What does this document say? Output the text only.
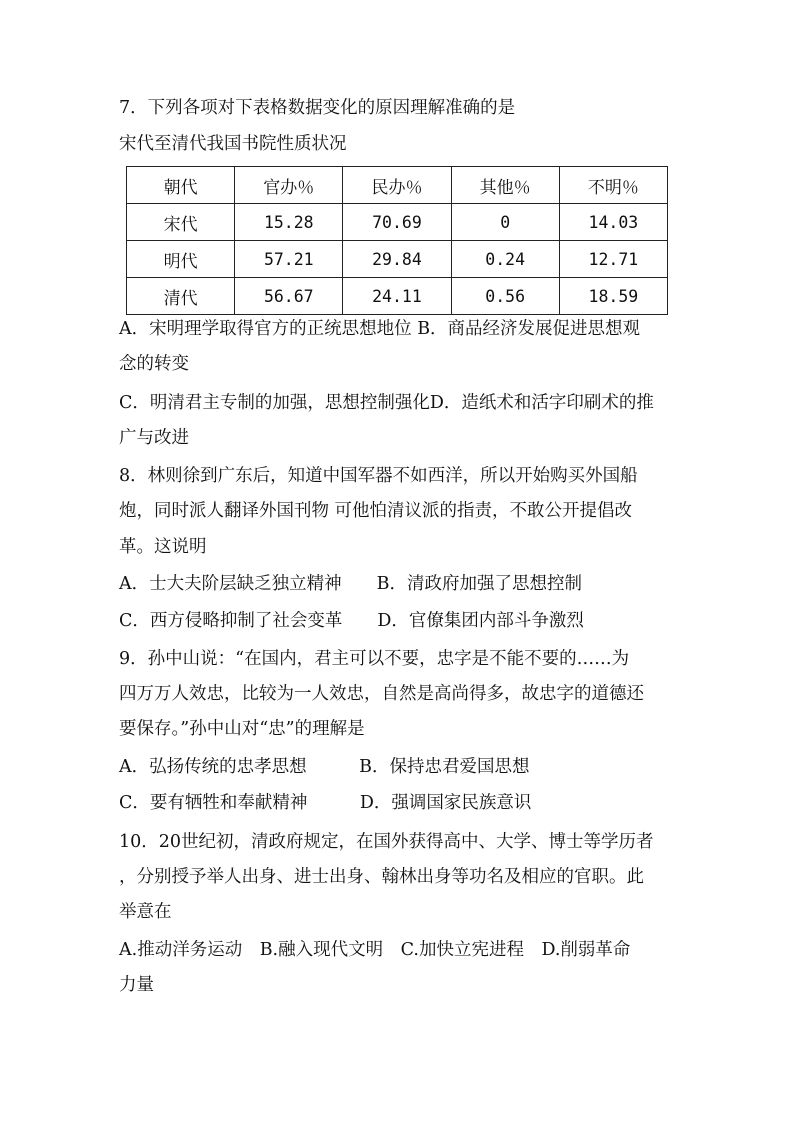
7．下列各项对下表格数据变化的原因理解准确的是
宋代至清代我国书院性质状况
朝代	官办％	民办％	其他％	不明％
宋代	15.28	70.69	0	14.03
明代	57.21	29.84	0.24	12.71
清代	56.67	24.11	0.56	18.59
A．宋明理学取得官方的正统思想地位 B．商品经济发展促进思想观
念的转变
C．明清君主专制的加强，思想控制强化D．造纸术和活字印刷术的推
广与改进
8．林则徐到广东后，知道中国军器不如西洋，所以开始购买外国船
炮，同时派人翻译外国刊物 可他怕清议派的指责，不敢公开提倡改
革。这说明
A．士大夫阶层缺乏独立精神　　B．清政府加强了思想控制
C．西方侵略抑制了社会变革　　D．官僚集团内部斗争激烈
9．孙中山说：“在国内，君主可以不要，忠字是不能不要的……为
四万万人效忠，比较为一人效忠，自然是高尚得多，故忠字的道德还
要保存。”孙中山对“忠”的理解是
A．弘扬传统的忠孝思想　　　B．保持忠君爱国思想
C．要有牺牲和奉献精神　　　D．强调国家民族意识
10．20世纪初，清政府规定，在国外获得高中、大学、博士等学历者
，分别授予举人出身、进士出身、翰林出身等功名及相应的官职。此
举意在
A.推动洋务运动　B.融入现代文明　C.加快立宪进程　D.削弱革命
力量
